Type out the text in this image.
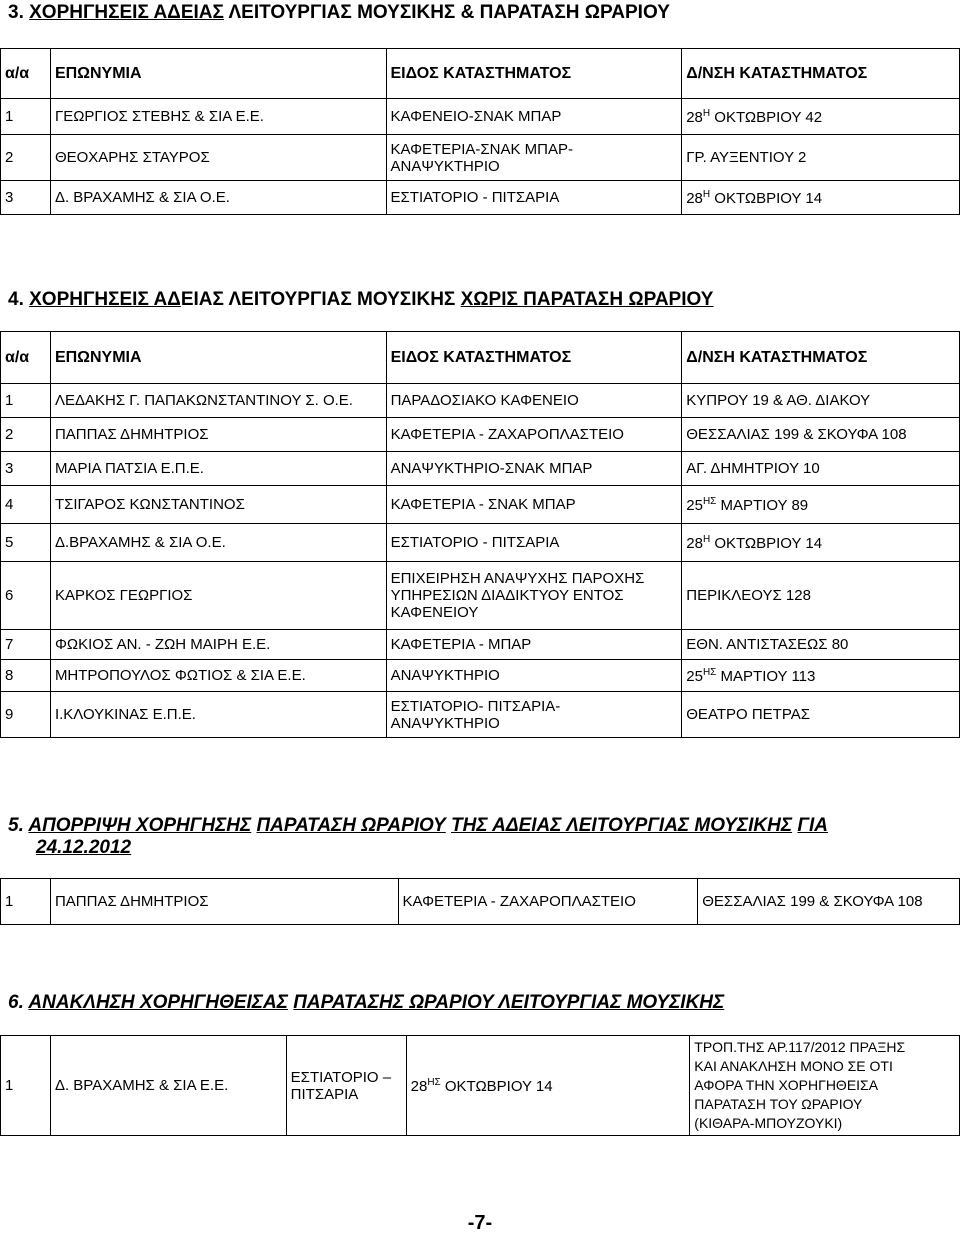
3. ΧΟΡΗΓΗΣΕΙΣ ΑΔΕΙΑΣ ΛΕΙΤΟΥΡΓΙΑΣ ΜΟΥΣΙΚΗΣ & ΠΑΡΑΤΑΣΗ ΩΡΑΡΙΟΥ
α/α	ΕΠΩΝΥΜΙΑ	ΕΙΔΟΣ ΚΑΤΑΣΤΗΜΑΤΟΣ	Δ/ΝΣΗ ΚΑΤΑΣΤΗΜΑΤΟΣ
1	ΓΕΩΡΓΙΟΣ ΣΤΕΒΗΣ & ΣΙΑ Ε.Ε.	ΚΑΦΕΝΕΙΟ-ΣΝΑΚ ΜΠΑΡ	$28^H$ ΟΚΤΩΒΡΙΟΥ 42
2	ΘΕΟΧΑΡΗΣ ΣΤΑΥΡΟΣ	ΚΑΦΕΤΕΡΙΑ-ΣΝΑΚ ΜΠΑΡ-
ΑΝΑΨΥΚΤΗΡΙΟ	ΓΡ. ΑΥΞΕΝΤΙΟΥ 2
3	Δ. ΒΡΑΧΑΜΗΣ & ΣΙΑ Ο.Ε.	ΕΣΤΙΑΤΟΡΙΟ - ΠΙΤΣΑΡΙΑ	$28^H$ ΟΚΤΩΒΡΙΟΥ 14
4. ΧΟΡΗΓΗΣΕΙΣ ΑΔΕΙΑΣ ΛΕΙΤΟΥΡΓΙΑΣ ΜΟΥΣΙΚΗΣ ΧΩΡΙΣ ΠΑΡΑΤΑΣΗ ΩΡΑΡΙΟΥ
α/α	ΕΠΩΝΥΜΙΑ	ΕΙΔΟΣ ΚΑΤΑΣΤΗΜΑΤΟΣ	Δ/ΝΣΗ ΚΑΤΑΣΤΗΜΑΤΟΣ
1	ΛΕΔΑΚΗΣ Γ. ΠΑΠΑΚΩΝΣΤΑΝΤΙΝΟΥ Σ. Ο.Ε.	ΠΑΡΑΔΟΣΙΑΚΟ ΚΑΦΕΝΕΙΟ	ΚΥΠΡΟΥ 19 & ΑΘ. ΔΙΑΚΟΥ
2	ΠΑΠΠΑΣ ΔΗΜΗΤΡΙΟΣ	ΚΑΦΕΤΕΡΙΑ - ΖΑΧΑΡΟΠΛΑΣΤΕΙΟ	ΘΕΣΣΑΛΙΑΣ 199 & ΣΚΟΥΦΑ 108
3	ΜΑΡΙΑ ΠΑΤΣΙΑ Ε.Π.Ε.	ΑΝΑΨΥΚΤΗΡΙΟ-ΣΝΑΚ ΜΠΑΡ	ΑΓ. ΔΗΜΗΤΡΙΟΥ 10
4	ΤΣΙΓΑΡΟΣ ΚΩΝΣΤΑΝΤΙΝΟΣ	ΚΑΦΕΤΕΡΙΑ - ΣΝΑΚ ΜΠΑΡ	$25^{H\Sigma}$ ΜΑΡΤΙΟΥ 89
5	Δ.ΒΡΑΧΑΜΗΣ & ΣΙΑ Ο.Ε.	ΕΣΤΙΑΤΟΡΙΟ - ΠΙΤΣΑΡΙΑ	$28^H$ ΟΚΤΩΒΡΙΟΥ 14
6	ΚΑΡΚΟΣ ΓΕΩΡΓΙΟΣ	ΕΠΙΧΕΙΡΗΣΗ ΑΝΑΨΥΧΗΣ ΠΑΡΟΧΗΣ
ΥΠΗΡΕΣΙΩΝ ΔΙΑΔΙΚΤΥΟΥ ΕΝΤΟΣ
ΚΑΦΕΝΕΙΟΥ	ΠΕΡΙΚΛΕΟΥΣ 128
7	ΦΩΚΙΟΣ ΑΝ. - ΖΩΗ ΜΑΙΡΗ Ε.Ε.	ΚΑΦΕΤΕΡΙΑ - ΜΠΑΡ	ΕΘΝ. ΑΝΤΙΣΤΑΣΕΩΣ 80
8	ΜΗΤΡΟΠΟΥΛΟΣ ΦΩΤΙΟΣ & ΣΙΑ Ε.Ε.	ΑΝΑΨΥΚΤΗΡΙΟ	$25^{H\Sigma}$ ΜΑΡΤΙΟΥ 113
9	Ι.ΚΛΟΥΚΙΝΑΣ Ε.Π.Ε.	ΕΣΤΙΑΤΟΡΙΟ- ΠΙΤΣΑΡΙΑ-
ΑΝΑΨΥΚΤΗΡΙΟ	ΘΕΑΤΡΟ ΠΕΤΡΑΣ
5. ΑΠΟΡΡΙΨΗ ΧΟΡΗΓΗΣΗΣ ΠΑΡΑΤΑΣΗ ΩΡΑΡΙΟΥ ΤΗΣ ΑΔΕΙΑΣ ΛΕΙΤΟΥΡΓΙΑΣ ΜΟΥΣΙΚΗΣ ΓΙΑ
24.12.2012
1	ΠΑΠΠΑΣ ΔΗΜΗΤΡΙΟΣ	ΚΑΦΕΤΕΡΙΑ - ΖΑΧΑΡΟΠΛΑΣΤΕΙΟ	ΘΕΣΣΑΛΙΑΣ 199 & ΣΚΟΥΦΑ 108
6. ΑΝΑΚΛΗΣΗ ΧΟΡΗΓΗΘΕΙΣΑΣ ΠΑΡΑΤΑΣΗΣ ΩΡΑΡΙΟΥ ΛΕΙΤΟΥΡΓΙΑΣ ΜΟΥΣΙΚΗΣ
1	Δ. ΒΡΑΧΑΜΗΣ & ΣΙΑ Ε.Ε.	ΕΣΤΙΑΤΟΡΙΟ –
ΠΙΤΣΑΡΙΑ	$28^{H\Sigma}$ ΟΚΤΩΒΡΙΟΥ 14	ΤΡΟΠ.ΤΗΣ ΑΡ.117/2012 ΠΡΑΞΗΣ
ΚΑΙ ΑΝΑΚΛΗΣΗ ΜΟΝΟ ΣΕ ΟΤΙ
ΑΦΟΡΑ ΤΗΝ ΧΟΡΗΓΗΘΕΙΣΑ
ΠΑΡΑΤΑΣΗ ΤΟΥ ΩΡΑΡΙΟΥ
(ΚΙΘΑΡΑ-ΜΠΟΥΖΟΥΚΙ)
-7-
